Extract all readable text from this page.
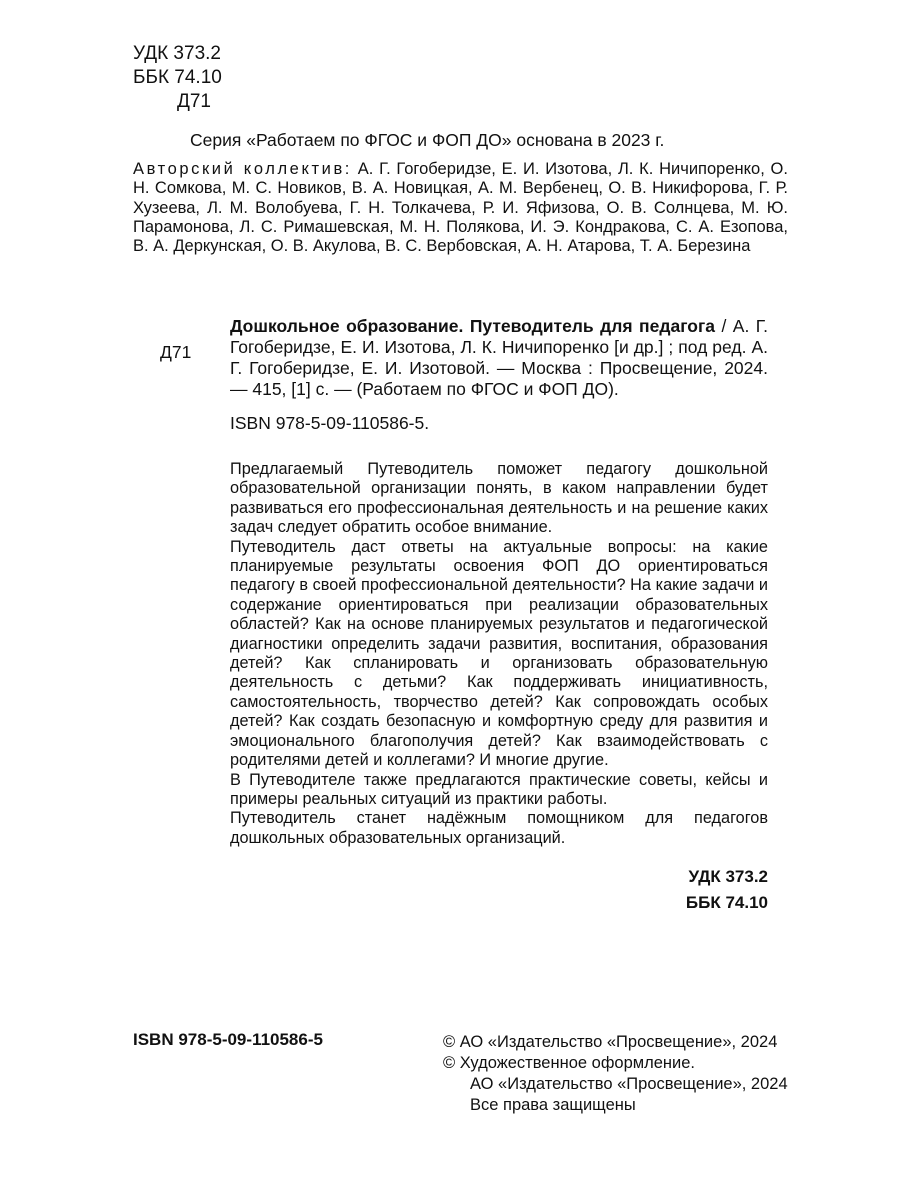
УДК 373.2
ББК 74.10
Д71
Серия «Работаем по ФГОС и ФОП ДО» основана в 2023 г.
Авторский коллектив: А. Г. Гогоберидзе, Е. И. Изотова, Л. К. Ничипоренко, О. Н. Сомкова, М. С. Новиков, В. А. Новицкая, А. М. Вербенец, О. В. Никифорова, Г. Р. Хузеева, Л. М. Волобуева, Г. Н. Толкачева, Р. И. Яфизова, О. В. Солнцева, М. Ю. Парамонова, Л. С. Римашевская, М. Н. Полякова, И. Э. Кондракова, С. А. Езопова, В. А. Деркунская, О. В. Акулова, В. С. Вербовская, А. Н. Атарова, Т. А. Березина
Д71
Дошкольное образование. Путеводитель для педагога / А. Г. Гогоберидзе, Е. И. Изотова, Л. К. Ничипоренко [и др.] ; под ред. А. Г. Гогоберидзе, Е. И. Изотовой. — Москва : Просвещение, 2024. — 415, [1] с. — (Работаем по ФГОС и ФОП ДО).
ISBN 978-5-09-110586-5.

Предлагаемый Путеводитель поможет педагогу дошкольной образовательной организации понять, в каком направлении будет развиваться его профессиональная деятельность и на решение каких задач следует обратить особое внимание.

Путеводитель даст ответы на актуальные вопросы: на какие планируемые результаты освоения ФОП ДО ориентироваться педагогу в своей профессиональной деятельности? На какие задачи и содержание ориентироваться при реализации образовательных областей? Как на основе планируемых результатов и педагогической диагностики определить задачи развития, воспитания, образования детей? Как спланировать и организовать образовательную деятельность с детьми? Как поддерживать инициативность, самостоятельность, творчество детей? Как сопровождать особых детей? Как создать безопасную и комфортную среду для развития и эмоционального благополучия детей? Как взаимодействовать с родителями детей и коллегами? И многие другие.

В Путеводителе также предлагаются практические советы, кейсы и примеры реальных ситуаций из практики работы.

Путеводитель станет надёжным помощником для педагогов дошкольных образовательных организаций.

УДК 373.2
ББК 74.10
ISBN 978-5-09-110586-5	© АО «Издательство «Просвещение», 2024
© Художественное оформление.
АО «Издательство «Просвещение», 2024
Все права защищены
